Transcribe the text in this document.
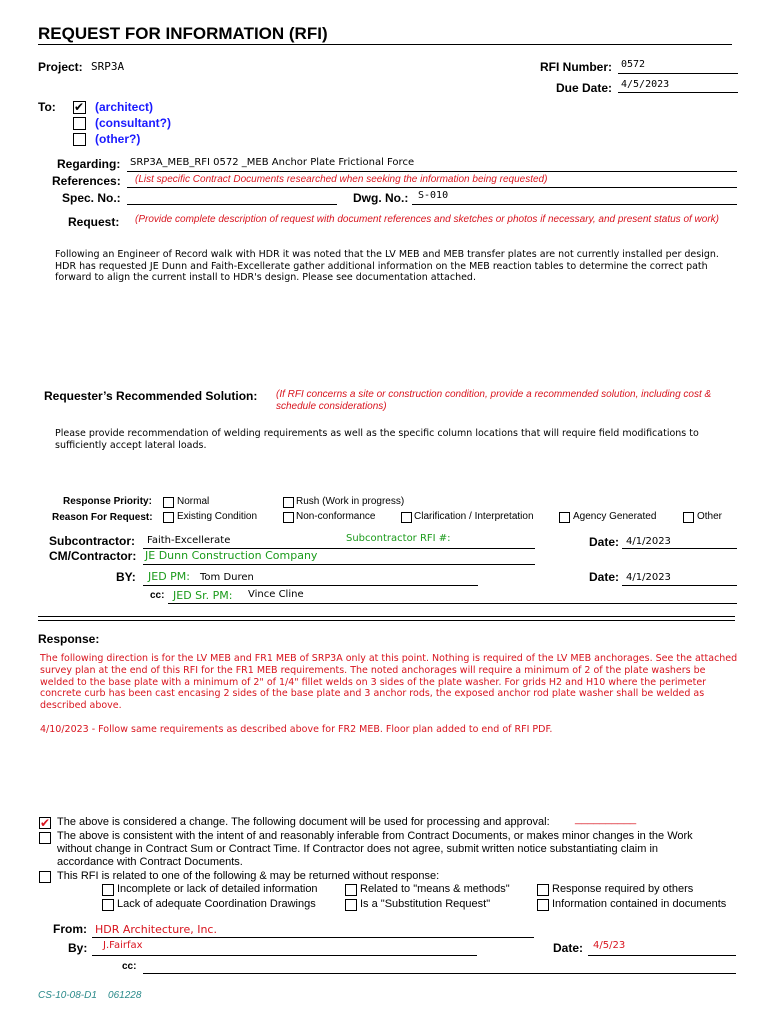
REQUEST FOR INFORMATION (RFI)
Project: SRP3A	RFI Number: 0572
Due Date: 4/5/2023
To: ✔ (architect)
(consultant?)
(other?)
Regarding: SRP3A_MEB_RFI 0572 _MEB Anchor Plate Frictional Force
References: (List specific Contract Documents researched when seeking the information being requested)
Spec. No.:	Dwg. No.: S-010
Request: (Provide complete description of request with document references and sketches or photos if necessary, and present status of work)
Following an Engineer of Record walk with HDR it was noted that the LV MEB and MEB transfer plates are not currently installed per design. HDR has requested JE Dunn and Faith-Excellerate gather additional information on the MEB reaction tables to determine the correct path forward to align the current install to HDR's design. Please see documentation attached.
Requester’s Recommended Solution: (If RFI concerns a site or construction condition, provide a recommended solution, including cost & schedule considerations)
Please provide recommendation of welding requirements as well as the specific column locations that will require field modifications to sufficiently accept lateral loads.
Response Priority:	Normal	Rush (Work in progress)
Reason For Request: Existing Condition	Non-conformance	Clarification / Interpretation	Agency Generated	Other
Subcontractor: Faith-Excellerate	Subcontractor RFI #:	Date: 4/1/2023
CM/Contractor: JE Dunn Construction Company
BY: JED PM: Tom Duren	Date: 4/1/2023
cc: JED Sr. PM: Vince Cline
Response:
The following direction is for the LV MEB and FR1 MEB of SRP3A only at this point. Nothing is required of the LV MEB anchorages. See the attached survey plan at the end of this RFI for the FR1 MEB requirements. The noted anchorages will require a minimum of 2 of the plate washers be welded to the base plate with a minimum of 2" of 1/4" fillet welds on 3 sides of the plate washer. For grids H2 and H10 where the perimeter concrete curb has been cast encasing 2 sides of the base plate and 3 anchor rods, the exposed anchor rod plate washer shall be welded as described above.
4/10/2023 - Follow same requirements as described above for FR2 MEB. Floor plan added to end of RFI PDF.
✔ The above is considered a change. The following document will be used for processing and approval: __________
The above is consistent with the intent of and reasonably inferable from Contract Documents, or makes minor changes in the Work without change in Contract Sum or Contract Time. If Contractor does not agree, submit written notice substantiating claim in accordance with Contract Documents.
This RFI is related to one of the following & may be returned without response:
Incomplete or lack of detailed information	Related to "means & methods"	Response required by others
Lack of adequate Coordination Drawings	Is a "Substitution Request"	Information contained in documents
From: HDR Architecture, Inc.
By: J.Fairfax	Date: 4/5/23
cc:
CS-10-08-D1    061228
